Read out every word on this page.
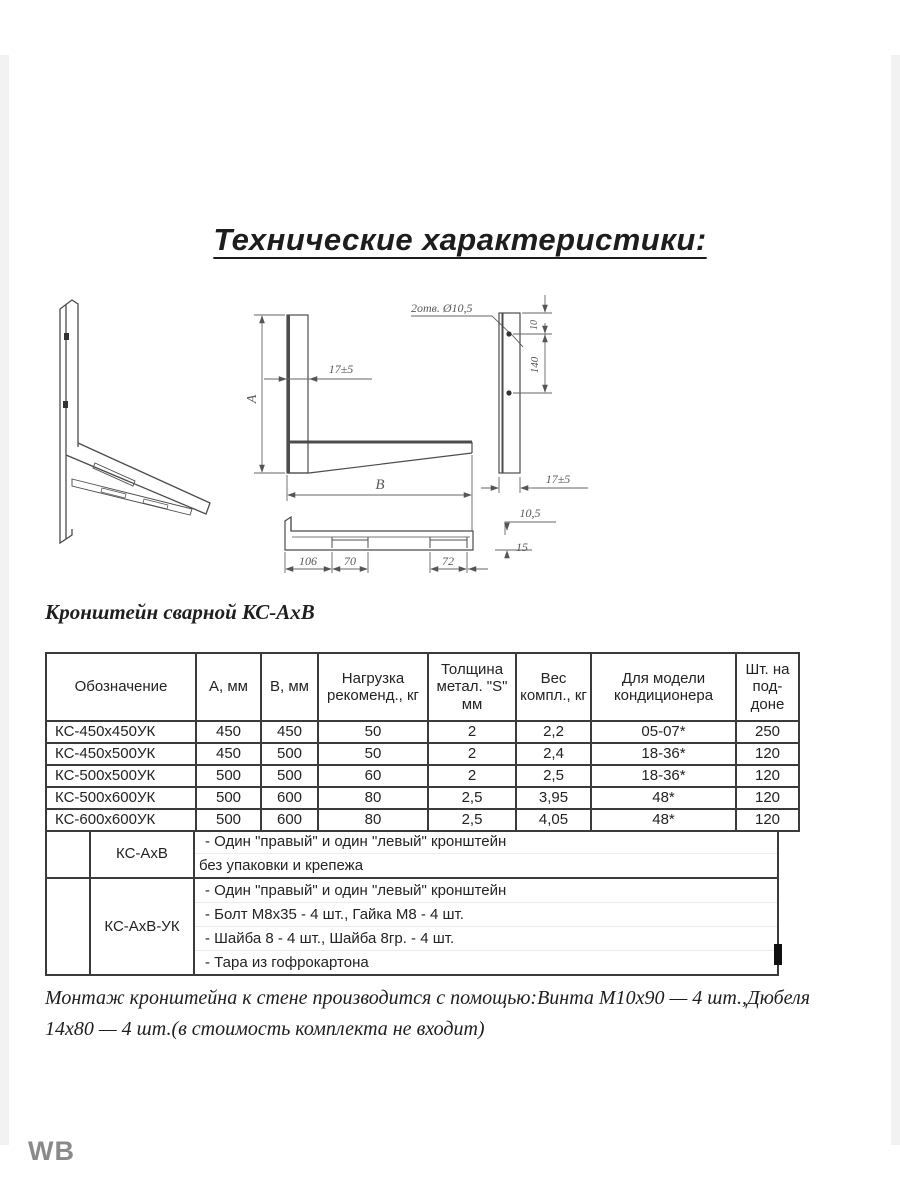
Технические характеристики:
А
17±5
В
2отв. Ø10,5
10
140
17±5
10,5
15
106 70	72
Кронштейн сварной КС-АхВ
Обозначение	А, мм	В, мм	Нагрузка рекоменд., кг	Толщина метал. "S" мм	Вес компл., кг	Для модели кондиционера	Шт. на под-доне
КС-450х450УК	450	450	50	2	2,2	05-07*	250
КС-450х500УК	450	500	50	2	2,4	18-36*	120
КС-500х500УК	500	500	60	2	2,5	18-36*	120
КС-500х600УК	500	600	80	2,5	3,95	48*	120
КС-600х600УК	500	600	80	2,5	4,05	48*	120
КС-АхВ
- Один "правый" и один "левый" кронштейн
без упаковки и крепежа
КС-АхВ-УК
- Один "правый" и один "левый" кронштейн
- Болт М8х35 - 4 шт., Гайка М8 - 4 шт.
- Шайба 8 - 4 шт., Шайба 8гр. - 4 шт.
- Тара из гофрокартона
Монтаж кронштейна к стене производится с помощью:Винта М10х90 — 4 шт.,Дюбеля
14х80 — 4 шт.(в стоимость комплекта не входит)
WB
